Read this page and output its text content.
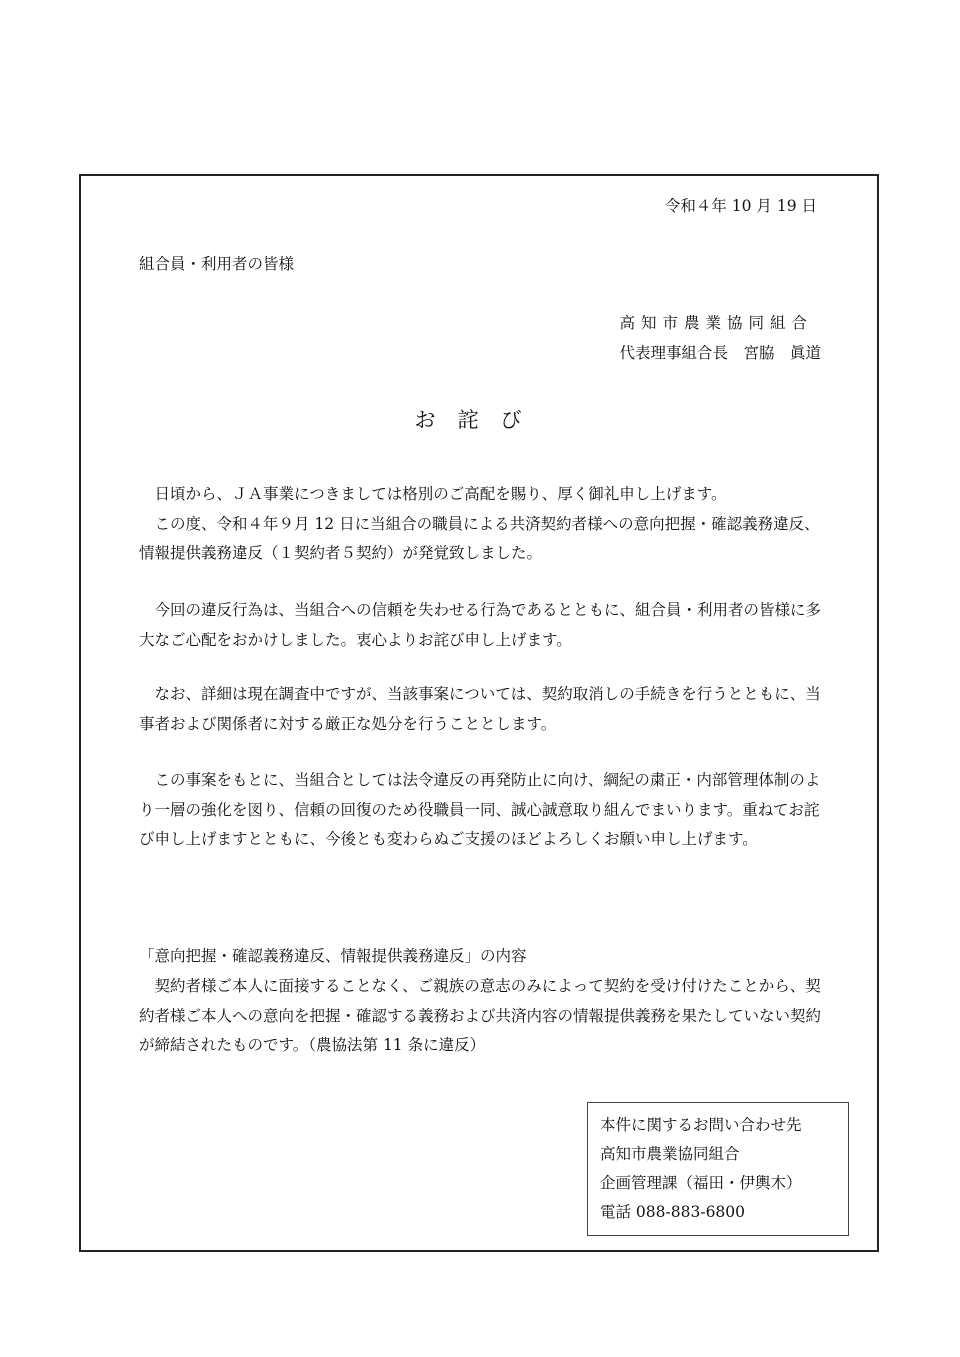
令和４年 10 月 19 日
組合員・利用者の皆様
高知市農業協同組合
代表理事組合長　宮脇　眞道
お詫び

日頃から、ＪＡ事業につきましては格別のご高配を賜り、厚く御礼申し上げます。

この度、令和４年９月 12 日に当組合の職員による共済契約者様への意向把握・確認義務違反、情報提供義務違反（１契約者５契約）が発覚致しました。

今回の違反行為は、当組合への信頼を失わせる行為であるとともに、組合員・利用者の皆様に多大なご心配をおかけしました。衷心よりお詫び申し上げます。

なお、詳細は現在調査中ですが、当該事案については、契約取消しの手続きを行うとともに、当事者および関係者に対する厳正な処分を行うこととします。

この事案をもとに、当組合としては法令違反の再発防止に向け、綱紀の粛正・内部管理体制のより一層の強化を図り、信頼の回復のため役職員一同、誠心誠意取り組んでまいります。重ねてお詫び申し上げますとともに、今後とも変わらぬご支援のほどよろしくお願い申し上げます。

「意向把握・確認義務違反、情報提供義務違反」の内容

契約者様ご本人に面接することなく、ご親族の意志のみによって契約を受け付けたことから、契約者様ご本人への意向を把握・確認する義務および共済内容の情報提供義務を果たしていない契約が締結されたものです。（農協法第 11 条に違反）

本件に関するお問い合わせ先
高知市農業協同組合
企画管理課（福田・伊輿木）
電話 088-883-6800
